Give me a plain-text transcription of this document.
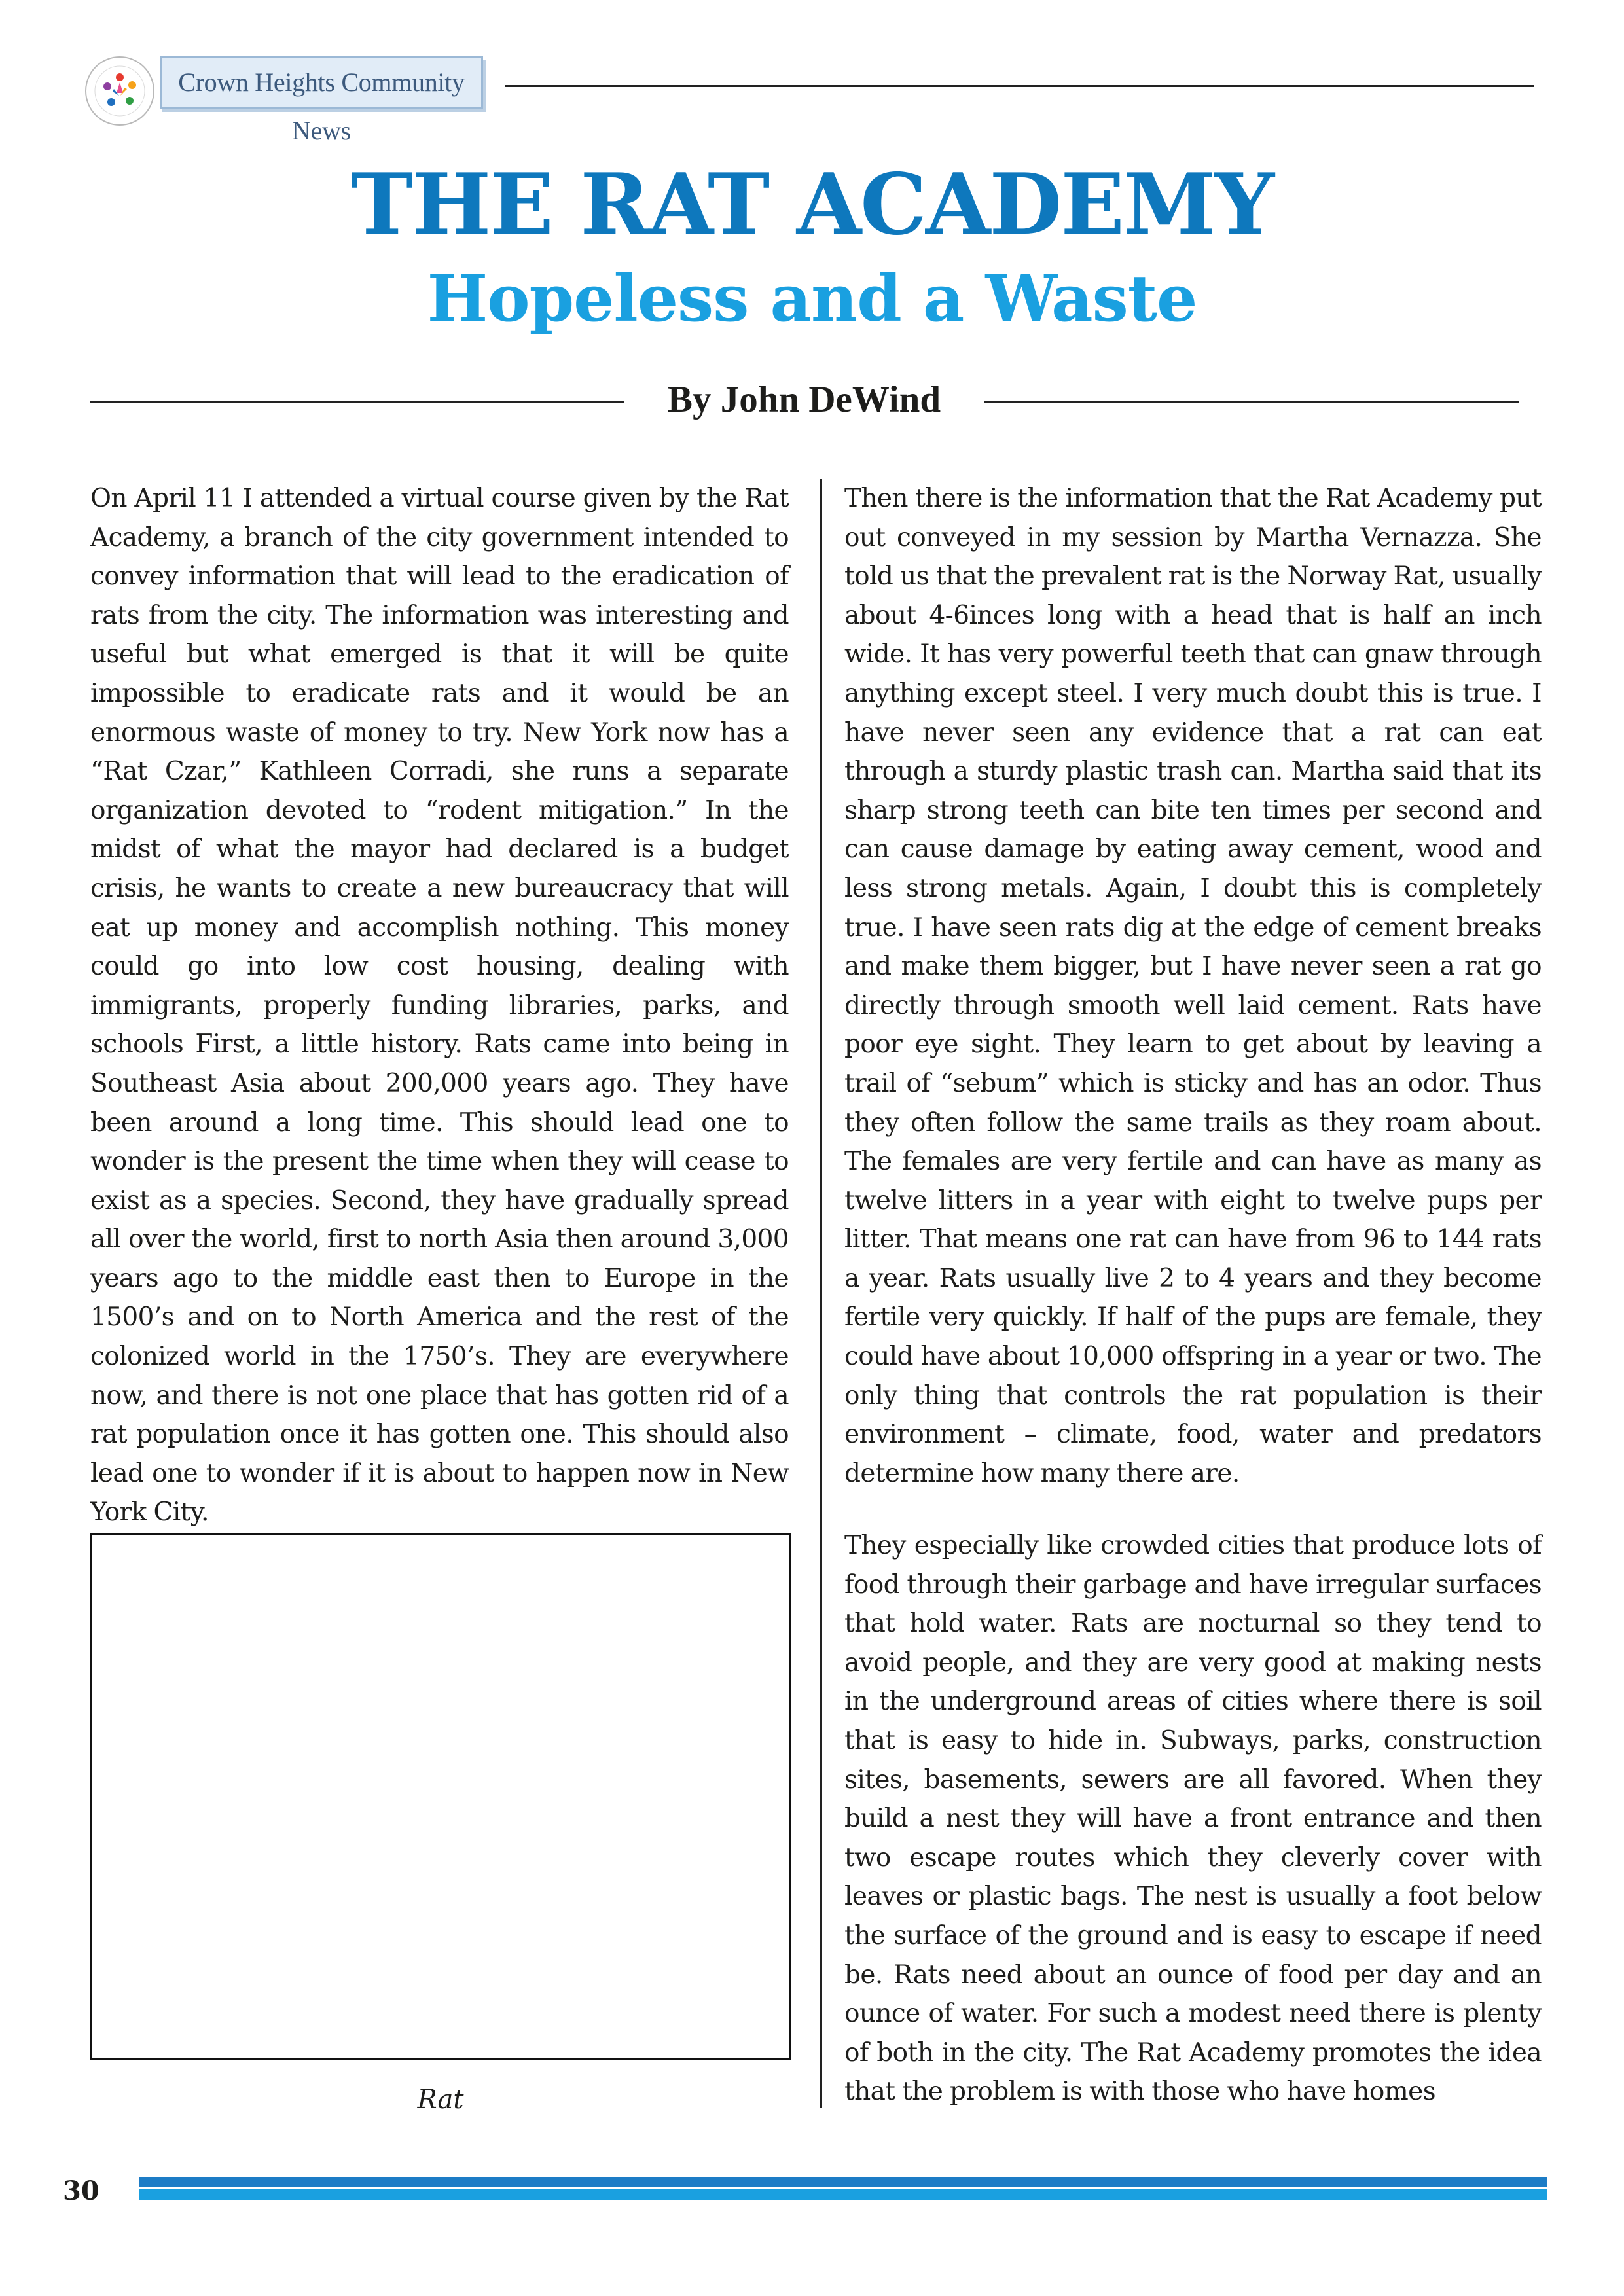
Crown Heights Community News
THE RAT ACADEMY
Hopeless and a Waste
By John DeWind

On April 11 I attended a virtual course given by the Rat Academy, a branch of the city government intended to convey information that will lead to the eradication of rats from the city. The information was interesting and useful but what emerged is that it will be quite impossible to eradicate rats and it would be an enormous waste of money to try. New York now has a “Rat Czar,” Kathleen Corradi, she runs a separate organization devoted to “rodent mitigation.” In the midst of what the mayor had declared is a budget crisis, he wants to create a new bureaucracy that will eat up money and accomplish nothing. This money could go into low cost housing, dealing with immigrants, properly funding libraries, parks, and schools First, a little history. Rats came into being in Southeast Asia about 200,000 years ago. They have been around a long time. This should lead one to wonder is the present the time when they will cease to exist as a species. Second, they have gradually spread all over the world, first to north Asia then around 3,000 years ago to the middle east then to Europe in the 1500’s and on to North America and the rest of the colonized world in the 1750’s. They are everywhere now, and there is not one place that has gotten rid of a rat population once it has gotten one. This should also lead one to wonder if it is about to happen now in New York City.

Then there is the information that the Rat Academy put out conveyed in my session by Martha Vernazza. She told us that the prevalent rat is the Norway Rat, usually about 4-6inces long with a head that is half an inch wide. It has very powerful teeth that can gnaw through anything except steel. I very much doubt this is true. I have never seen any evidence that a rat can eat through a sturdy plastic trash can. Martha said that its sharp strong teeth can bite ten times per second and can cause damage by eating away cement, wood and less strong metals. Again, I doubt this is completely true. I have seen rats dig at the edge of cement breaks and make them bigger, but I have never seen a rat go directly through smooth well laid cement. Rats have poor eye sight. They learn to get about by leaving a trail of “sebum” which is sticky and has an odor. Thus they often follow the same trails as they roam about. The females are very fertile and can have as many as twelve litters in a year with eight to twelve pups per litter. That means one rat can have from 96 to 144 rats a year. Rats usually live 2 to 4 years and they become fertile very quickly. If half of the pups are female, they could have about 10,000 offspring in a year or two. The only thing that controls the rat population is their environment – climate, food, water and predators determine how many there are.

They especially like crowded cities that produce lots of food through their garbage and have irregular surfaces that hold water. Rats are nocturnal so they tend to avoid people, and they are very good at making nests in the underground areas of cities where there is soil that is easy to hide in. Subways, parks, construction sites, basements, sewers are all favored. When they build a nest they will have a front entrance and then two escape routes which they cleverly cover with leaves or plastic bags. The nest is usually a foot below the surface of the ground and is easy to escape if need be. Rats need about an ounce of food per day and an ounce of water. For such a modest need there is plenty of both in the city. The Rat Academy promotes the idea that the problem is with those who have homes

Rat
30
